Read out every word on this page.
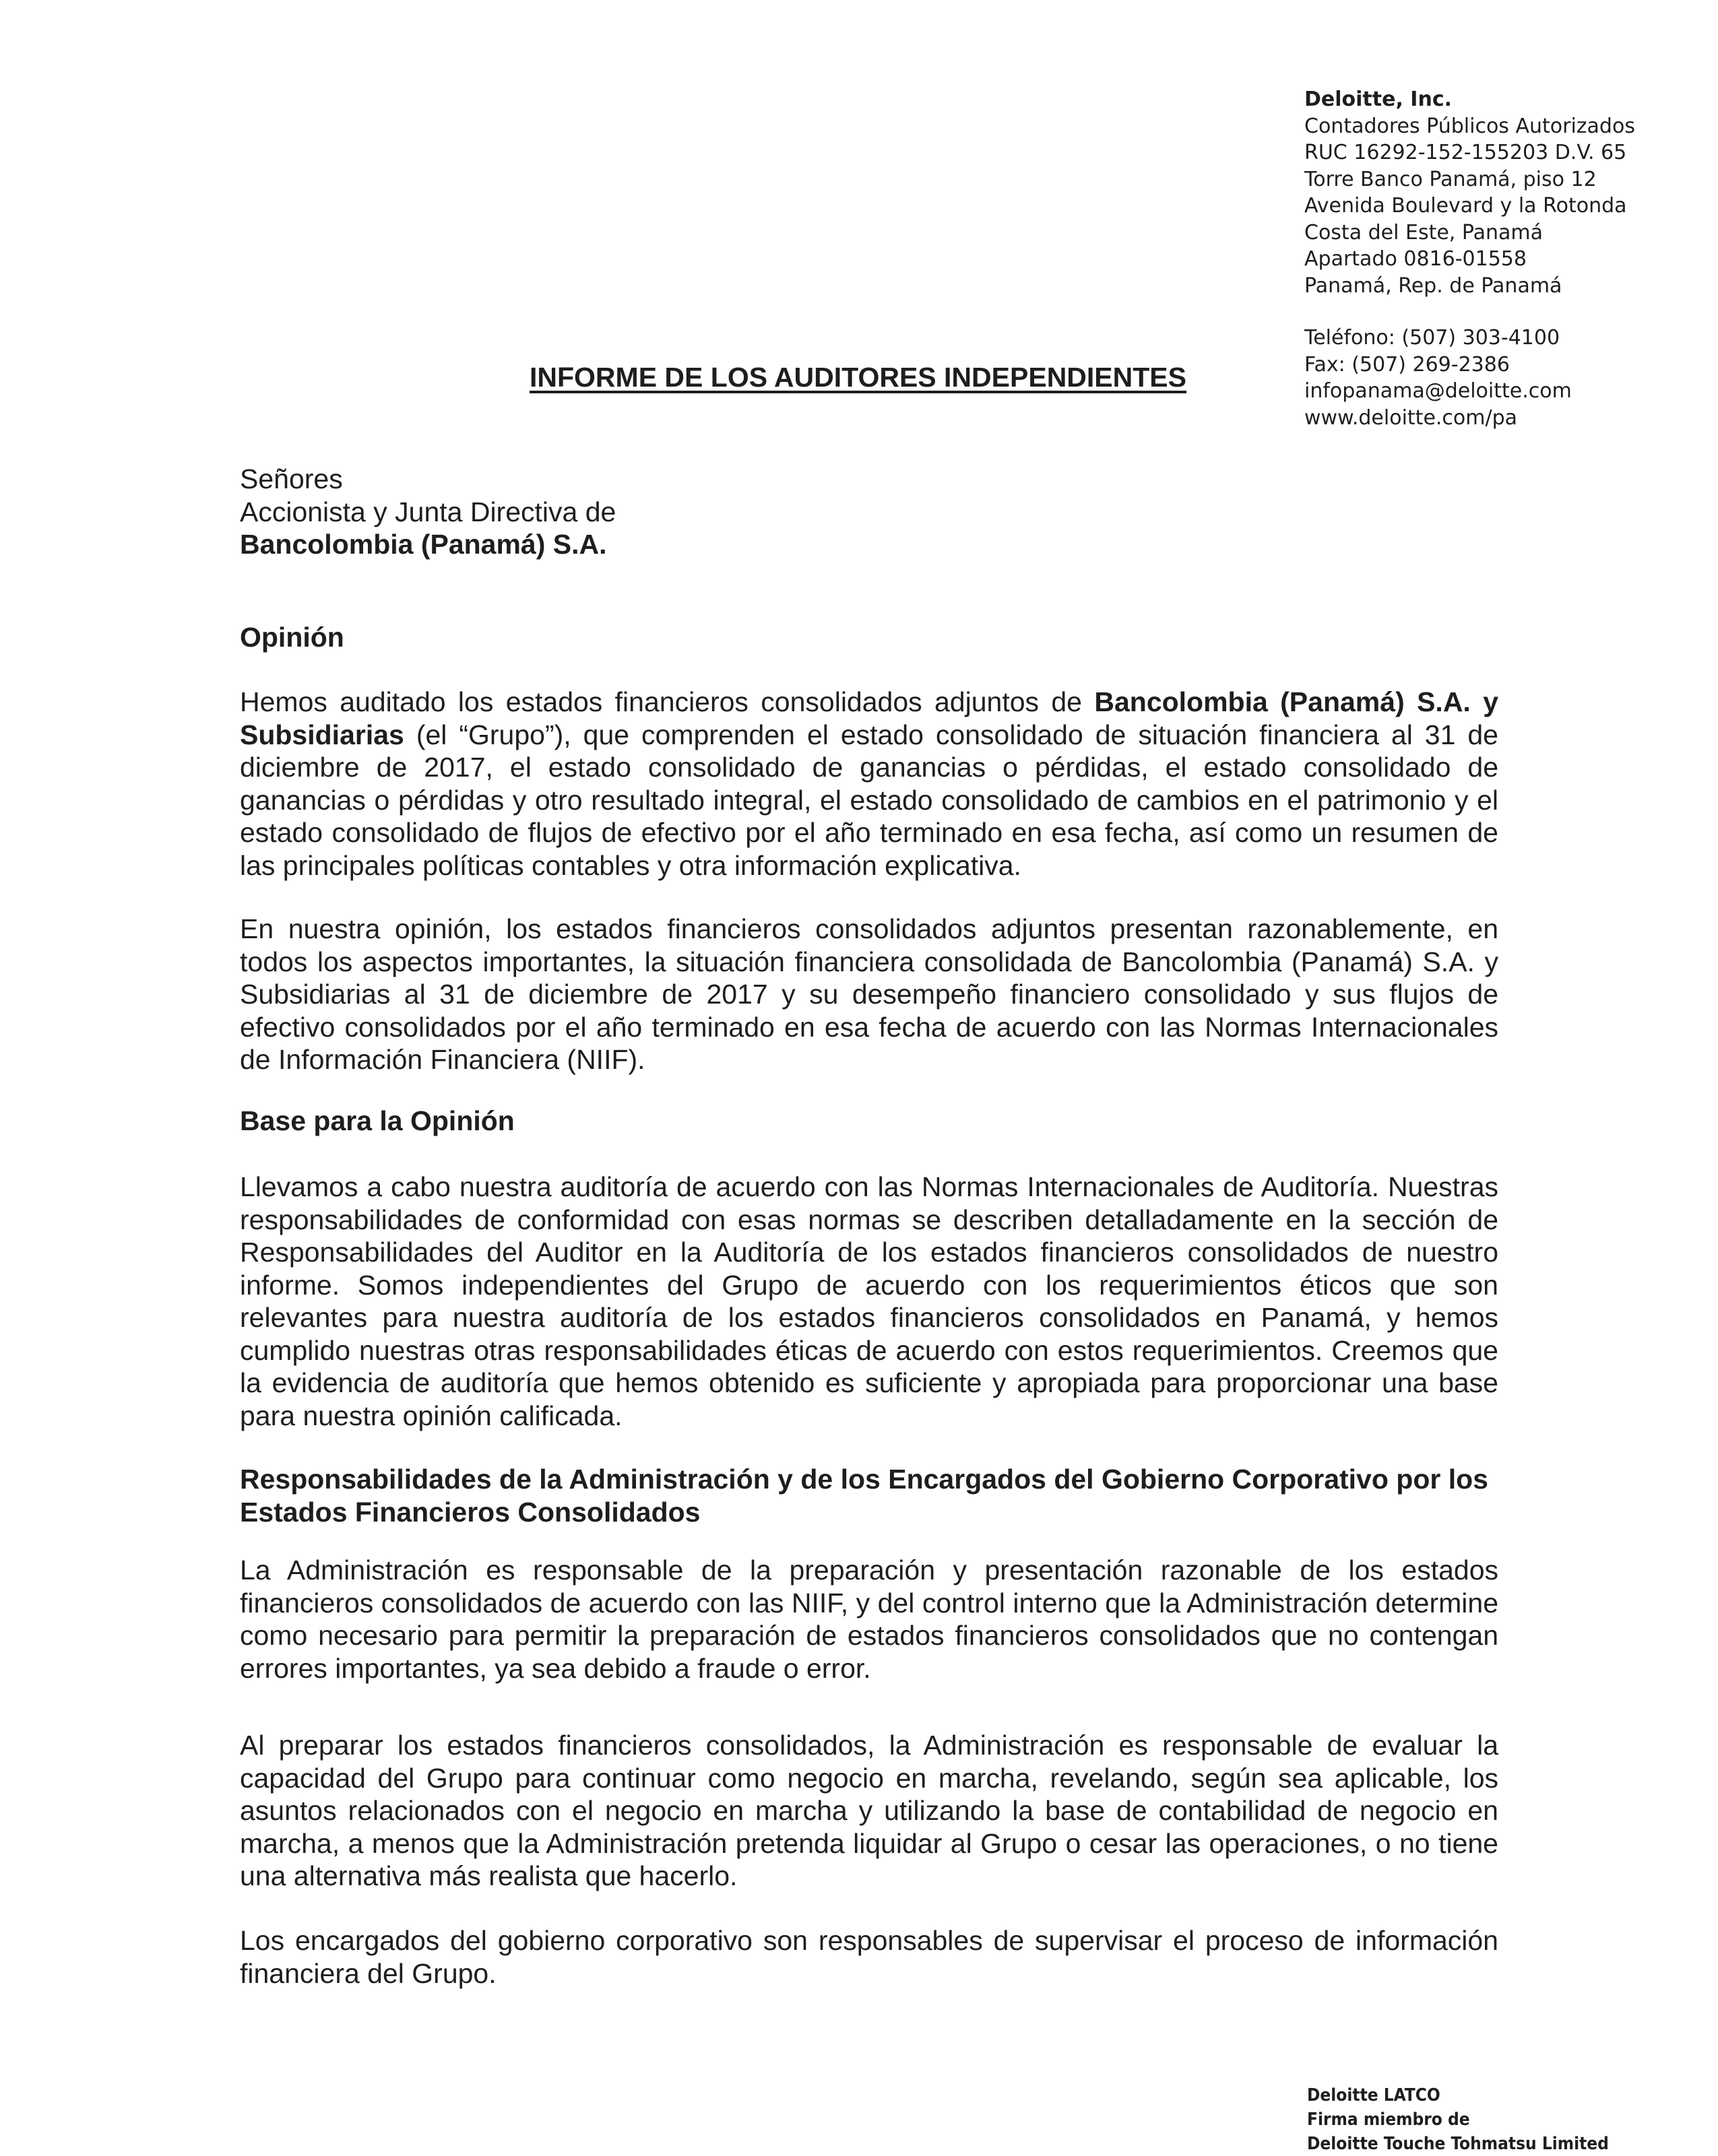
Deloitte, Inc.
Contadores Públicos Autorizados
RUC 16292-152-155203 D.V. 65
Torre Banco Panamá, piso 12
Avenida Boulevard y la Rotonda
Costa del Este, Panamá
Apartado 0816-01558
Panamá, Rep. de Panamá
Teléfono: (507) 303-4100
Fax: (507) 269-2386
infopanama@deloitte.com
www.deloitte.com/pa
INFORME DE LOS AUDITORES INDEPENDIENTES
Señores
Accionista y Junta Directiva de
Bancolombia (Panamá) S.A.

Opinión

Hemos auditado los estados financieros consolidados adjuntos de Bancolombia (Panamá) S.A. y Subsidiarias (el “Grupo”), que comprenden el estado consolidado de situación financiera al 31 de diciembre de 2017, el estado consolidado de ganancias o pérdidas, el estado consolidado de ganancias o pérdidas y otro resultado integral, el estado consolidado de cambios en el patrimonio y el estado consolidado de flujos de efectivo por el año terminado en esa fecha, así como un resumen de las principales políticas contables y otra información explicativa.

En nuestra opinión, los estados financieros consolidados adjuntos presentan razonablemente, en todos los aspectos importantes, la situación financiera consolidada de Bancolombia (Panamá) S.A. y Subsidiarias al 31 de diciembre de 2017 y su desempeño financiero consolidado y sus flujos de efectivo consolidados por el año terminado en esa fecha de acuerdo con las Normas Internacionales de Información Financiera (NIIF).

Base para la Opinión

Llevamos a cabo nuestra auditoría de acuerdo con las Normas Internacionales de Auditoría. Nuestras responsabilidades de conformidad con esas normas se describen detalladamente en la sección de Responsabilidades del Auditor en la Auditoría de los estados financieros consolidados de nuestro informe. Somos independientes del Grupo de acuerdo con los requerimientos éticos que son relevantes para nuestra auditoría de los estados financieros consolidados en Panamá, y hemos cumplido nuestras otras responsabilidades éticas de acuerdo con estos requerimientos. Creemos que la evidencia de auditoría que hemos obtenido es suficiente y apropiada para proporcionar una base para nuestra opinión calificada.

Responsabilidades de la Administración y de los Encargados del Gobierno Corporativo por los Estados Financieros Consolidados

La Administración es responsable de la preparación y presentación razonable de los estados financieros consolidados de acuerdo con las NIIF, y del control interno que la Administración determine como necesario para permitir la preparación de estados financieros consolidados que no contengan errores importantes, ya sea debido a fraude o error.

Al preparar los estados financieros consolidados, la Administración es responsable de evaluar la capacidad del Grupo para continuar como negocio en marcha, revelando, según sea aplicable, los asuntos relacionados con el negocio en marcha y utilizando la base de contabilidad de negocio en marcha, a menos que la Administración pretenda liquidar al Grupo o cesar las operaciones, o no tiene una alternativa más realista que hacerlo.

Los encargados del gobierno corporativo son responsables de supervisar el proceso de información financiera del Grupo.

Deloitte LATCO
Firma miembro de
Deloitte Touche Tohmatsu Limited
